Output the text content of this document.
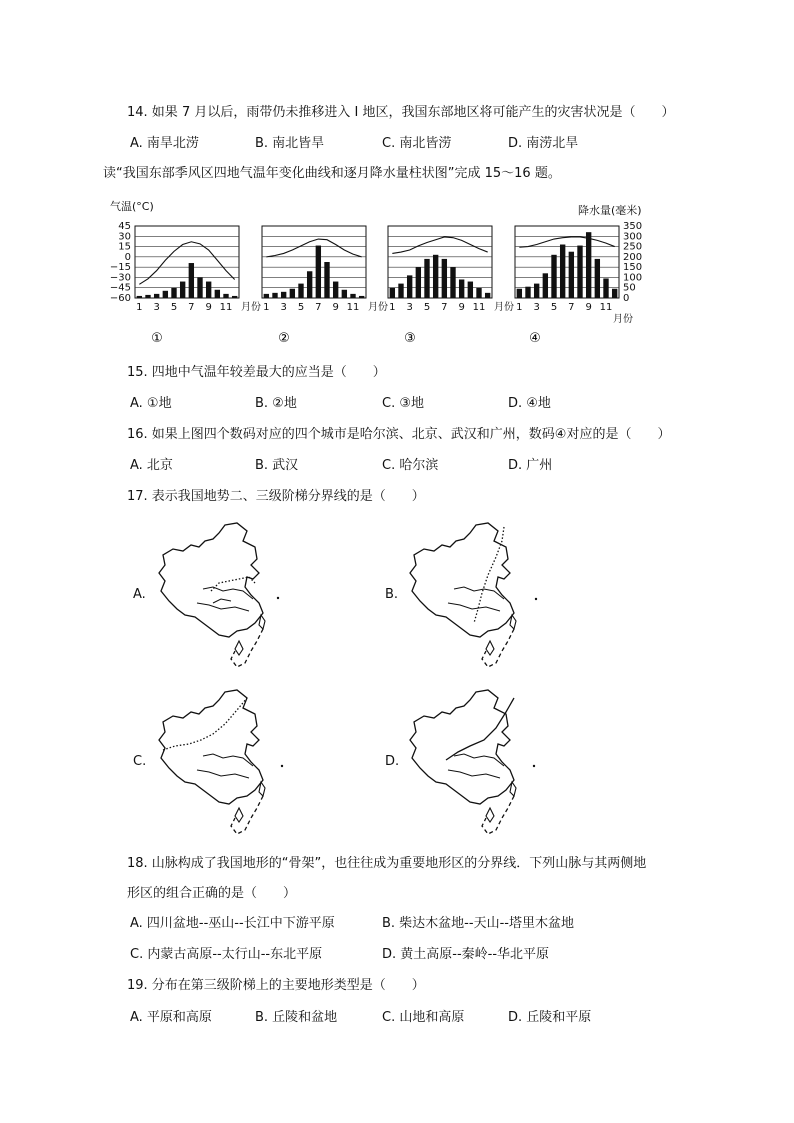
14. 如果 7 月以后，雨带仍未推移进入 I 地区，我国东部地区将可能产生的灾害状况是（　　）
A. 南旱北涝	B. 南北皆旱	C. 南北皆涝	D. 南涝北旱
读“我国东部季风区四地气温年变化曲线和逐月降水量柱状图”完成 15～16 题。
气温(°C)	降水量(毫米)
45
30
15
0
−15
−30
−45
−60
350
300
250
200
150
100
50
0
1 3 5 7 9 11 月份
①
1 3 5 7 9 11 月份
②
1 3 5 7 9 11 月份
③
1 3 5 7 9 11
月份
④
15. 四地中气温年较差最大的应当是（　　）
A. ①地	B. ②地	C. ③地	D. ④地
16. 如果上图四个数码对应的四个城市是哈尔滨、北京、武汉和广州，数码④对应的是（　　）
A. 北京	B. 武汉	C. 哈尔滨	D. 广州
17. 表示我国地势二、三级阶梯分界线的是（　　）
A.	B.
C.	D.
18. 山脉构成了我国地形的“骨架”，也往往成为重要地形区的分界线．下列山脉与其两侧地
形区的组合正确的是（　　）
A. 四川盆地--巫山--长江中下游平原	B. 柴达木盆地--天山--塔里木盆地
C. 内蒙古高原--太行山--东北平原	D. 黄土高原--秦岭--华北平原
19. 分布在第三级阶梯上的主要地形类型是（　　）
A. 平原和高原	B. 丘陵和盆地	C. 山地和高原	D. 丘陵和平原
